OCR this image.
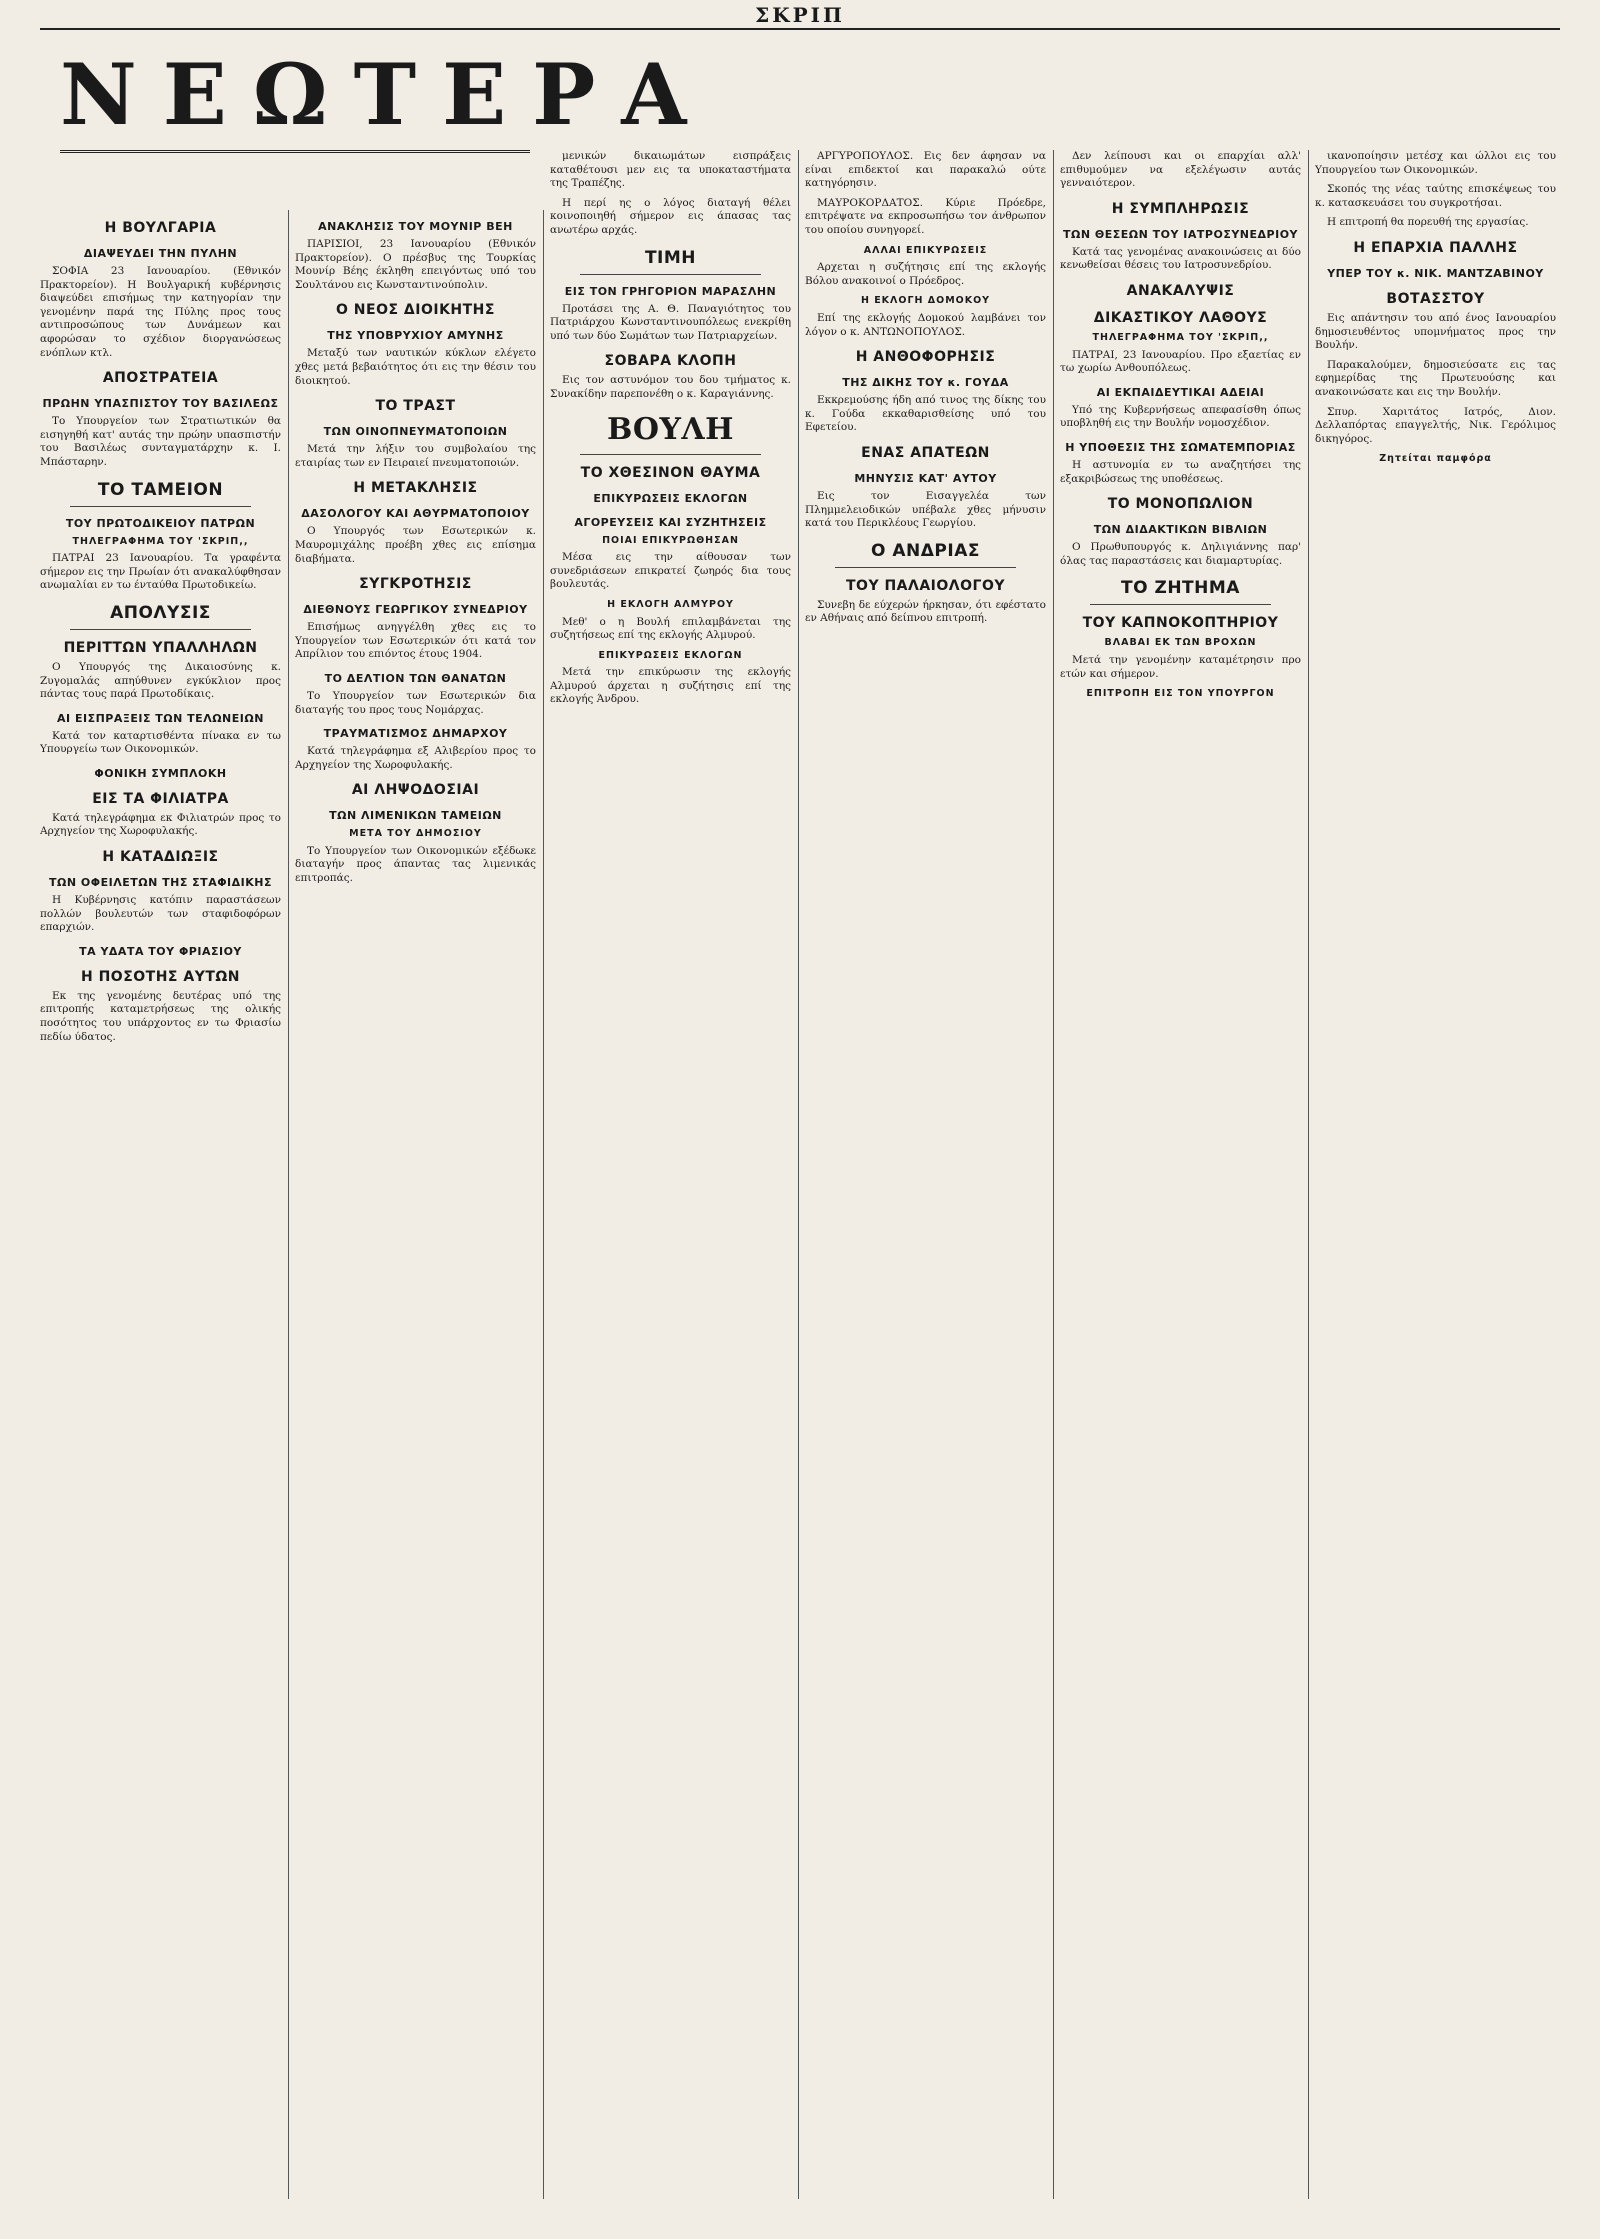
ΣΚΡΙΠ
ΝΕΩΤΕΡΑ
Η ΒΟΥΛΓΑΡΙΑ
ΔΙΑΨΕΥΔΕΙ ΤΗΝ ΠΥΛΗΝ

ΣΟΦΙΑ 23 Ιανουαρίου. (Εθνικόν Πρακτορείον). Η Βουλγαρική κυβέρνησις διαψεύδει επισήμως την κατηγορίαν την γενομένην παρά της Πύλης προς τους αντιπροσώπους των Δυνάμεων και αφορώσαν το σχέδιον διοργανώσεως ενόπλων κτλ.

ΑΠΟΣΤΡΑΤΕΙΑ
ΠΡΩΗΝ ΥΠΑΣΠΙΣΤΟΥ ΤΟΥ ΒΑΣΙΛΕΩΣ

Το Υπουργείον των Στρατιωτικών θα εισηγηθή κατ' αυτάς την πρώην υπασπιστήν του Βασιλέως συνταγματάρχην κ. Ι. Μπάσταρην.

ΤΟ ΤΑΜΕΙΟΝ
ΤΟΥ ΠΡΩΤΟΔΙΚΕΙΟΥ ΠΑΤΡΩΝ
ΤΗΛΕΓΡΑΦΗΜΑ ΤΟΥ 'ΣΚΡΙΠ,,

ΠΑΤΡΑΙ 23 Ιανουαρίου. Τα γραφέντα σήμερον εις την Πρωίαν ότι ανακαλύφθησαν ανωμαλίαι εν τω ένταύθα Πρωτοδικείω.

ΑΠΟΛΥΣΙΣ
ΠΕΡΙΤΤΩΝ ΥΠΑΛΛΗΛΩΝ

Ο Υπουργός της Δικαιοσύνης κ. Ζυγομαλάς απηύθυνεν εγκύκλιον προς πάντας τους παρά Πρωτοδίκαις.

ΑΙ ΕΙΣΠΡΑΞΕΙΣ ΤΩΝ ΤΕΛΩΝΕΙΩΝ

Κατά τον καταρτισθέντα πίνακα εν τω Υπουργείω των Οικονομικών.

ΦΟΝΙΚΗ ΣΥΜΠΛΟΚΗ
ΕΙΣ ΤΑ ΦΙΛΙΑΤΡΑ

Κατά τηλεγράφημα εκ Φιλιατρών προς το Αρχηγείον της Χωροφυλακής.

Η ΚΑΤΑΔΙΩΞΙΣ
ΤΩΝ ΟΦΕΙΛΕΤΩΝ ΤΗΣ ΣΤΑΦΙΔΙΚΗΣ

Η Κυβέρνησις κατόπιν παραστάσεων πολλών βουλευτών των σταφιδοφόρων επαρχιών.

ΤΑ ΥΔΑΤΑ ΤΟΥ ΦΡΙΑΣΙΟΥ
Η ΠΟΣΟΤΗΣ ΑΥΤΩΝ

Εκ της γενομένης δευτέρας υπό της επιτροπής καταμετρήσεως της ολικής ποσότητος του υπάρχοντος εν τω Φριασίω πεδίω ύδατος.

ΑΝΑΚΛΗΣΙΣ ΤΟΥ ΜΟΥΝΙΡ ΒΕΗ

ΠΑΡΙΣΙΟΙ, 23 Ιανουαρίου (Εθνικόν Πρακτορείον). Ο πρέσβυς της Τουρκίας Μουνίρ Βέης έκληθη επειγόντως υπό του Σουλτάνου εις Κωνσταντινούπολιν.

Ο ΝΕΟΣ ΔΙΟΙΚΗΤΗΣ
ΤΗΣ ΥΠΟΒΡΥΧΙΟΥ ΑΜΥΝΗΣ

Μεταξύ των ναυτικών κύκλων ελέγετο χθες μετά βεβαιότητος ότι εις την θέσιν του διοικητού.

ΤΟ ΤΡΑΣΤ
ΤΩΝ ΟΙΝΟΠΝΕΥΜΑΤΟΠΟΙΩΝ

Μετά την λήξιν του συμβολαίου της εταιρίας των εν Πειραιεί πνευματοποιών.

Η ΜΕΤΑΚΛΗΣΙΣ
ΔΑΣΟΛΟΓΟΥ ΚΑΙ ΑΘΥΡΜΑΤΟΠΟΙΟΥ

Ο Υπουργός των Εσωτερικών κ. Μαυρομιχάλης προέβη χθες εις επίσημα διαβήματα.

ΣΥΓΚΡΟΤΗΣΙΣ
ΔΙΕΘΝΟΥΣ ΓΕΩΡΓΙΚΟΥ ΣΥΝΕΔΡΙΟΥ

Επισήμως ανηγγέλθη χθες εις το Υπουργείον των Εσωτερικών ότι κατά τον Απρίλιον του επιόντος έτους 1904.

ΤΟ ΔΕΛΤΙΟΝ ΤΩΝ ΘΑΝΑΤΩΝ

Το Υπουργείον των Εσωτερικών δια διαταγής του προς τους Νομάρχας.

ΤΡΑΥΜΑΤΙΣΜΟΣ ΔΗΜΑΡΧΟΥ

Κατά τηλεγράφημα εξ Αλιβερίου προς το Αρχηγείον της Χωροφυλακής.

ΑΙ ΛΗΨΟΔΟΣΙΑΙ
ΤΩΝ ΛΙΜΕΝΙΚΩΝ ΤΑΜΕΙΩΝ
ΜΕΤΑ ΤΟΥ ΔΗΜΟΣΙΟΥ

Το Υπουργείον των Οικονομικών εξέδωκε διαταγήν προς άπαντας τας λιμενικάς επιτροπάς.

μενικών δικαιωμάτων εισπράξεις καταθέτουσι μεν εις τα υποκαταστήματα της Τραπέζης.

Η περί ης ο λόγος διαταγή θέλει κοινοποιηθή σήμερον εις άπασας τας ανωτέρω αρχάς.

ΤΙΜΗ
ΕΙΣ ΤΟΝ ΓΡΗΓΟΡΙΟΝ ΜΑΡΑΣΛΗΝ

Προτάσει της Α. Θ. Παναγιότητος του Πατριάρχου Κωνσταντινουπόλεως ενεκρίθη υπό των δύο Σωμάτων των Πατριαρχείων.

ΣΟΒΑΡΑ ΚΛΟΠΗ

Εις τον αστυνόμον του δου τμήματος κ. Συνακίδην παρεπονέθη ο κ. Καραγιάννης.

ΒΟΥΛΗ
ΤΟ ΧΘΕΣΙΝΟΝ ΘΑΥΜΑ
ΕΠΙΚΥΡΩΣΕΙΣ ΕΚΛΟΓΩΝ
ΑΓΟΡΕΥΣΕΙΣ ΚΑΙ ΣΥΖΗΤΗΣΕΙΣ
ΠΟΙΑΙ ΕΠΙΚΥΡΩΘΗΣΑΝ

Μέσα εις την αίθουσαν των συνεδριάσεων επικρατεί ζωηρός δια τους βουλευτάς.

Η ΕΚΛΟΓΗ ΑΛΜΥΡΟΥ

Μεθ' ο η Βουλή επιλαμβάνεται της συζητήσεως επί της εκλογής Αλμυρού.

ΕΠΙΚΥΡΩΣΕΙΣ ΕΚΛΟΓΩΝ

Μετά την επικύρωσιν της εκλογής Αλμυρού άρχεται η συζήτησις επί της εκλογής Άνδρου.

ΑΡΓΥΡΟΠΟΥΛΟΣ. Εις δεν άφησαν να είναι επιδεκτοί και παρακαλώ ούτε κατηγόρησιν.

ΜΑΥΡΟΚΟΡΔΑΤΟΣ. Κύριε Πρόεδρε, επιτρέψατε να εκπροσωπήσω τον άνθρωπον του οποίου συνηγορεί.

ΑΛΛΑΙ ΕΠΙΚΥΡΩΣΕΙΣ

Αρχεται η συζήτησις επί της εκλογής Βόλου ανακοινοί ο Πρόεδρος.

Η ΕΚΛΟΓΗ ΔΟΜΟΚΟΥ

Επί της εκλογής Δομοκού λαμβάνει τον λόγον ο κ. ΑΝΤΩΝΟΠΟΥΛΟΣ.

Η ΑΝΘΟΦΟΡΗΣΙΣ
ΤΗΣ ΔΙΚΗΣ ΤΟΥ κ. ΓΟΥΔΑ

Εκκρεμούσης ήδη από τινος της δίκης του κ. Γούδα εκκαθαρισθείσης υπό του Εφετείου.

ΕΝΑΣ ΑΠΑΤΕΩΝ
ΜΗΝΥΣΙΣ ΚΑΤ' ΑΥΤΟΥ

Εις τον Εισαγγελέα των Πλημμελειοδικών υπέβαλε χθες μήνυσιν κατά του Περικλέους Γεωργίου.

Ο ΑΝΔΡΙΑΣ
ΤΟΥ ΠΑΛΑΙΟΛΟΓΟΥ

Συνεβη δε εύχερών ήρκησαν, ότι εφέστατο εν Αθήναις από δείπνου επιτροπή.

Δεν λείπουσι και οι επαρχίαι αλλ' επιθυμούμεν να εξελέγωσιν αυτάς γενναιότερον.

Η ΣΥΜΠΛΗΡΩΣΙΣ
ΤΩΝ ΘΕΣΕΩΝ ΤΟΥ ΙΑΤΡΟΣΥΝΕΔΡΙΟΥ

Κατά τας γενομένας ανακοινώσεις αι δύο κενωθείσαι θέσεις του Ιατροσυνεδρίου.

ΑΝΑΚΑΛΥΨΙΣ
ΔΙΚΑΣΤΙΚΟΥ ΛΑΘΟΥΣ
ΤΗΛΕΓΡΑΦΗΜΑ ΤΟΥ 'ΣΚΡΙΠ,,

ΠΑΤΡΑΙ, 23 Ιανουαρίου. Προ εξαετίας εν τω χωρίω Ανθουπόλεως.

ΑΙ ΕΚΠΑΙΔΕΥΤΙΚΑΙ ΑΔΕΙΑΙ

Υπό της Κυβερνήσεως απεφασίσθη όπως υποβληθή εις την Βουλήν νομοσχέδιον.

Η ΥΠΟΘΕΣΙΣ ΤΗΣ ΣΩΜΑΤΕΜΠΟΡΙΑΣ

Η αστυνομία εν τω αναζητήσει της εξακριβώσεως της υποθέσεως.

ΤΟ ΜΟΝΟΠΩΛΙΟΝ
ΤΩΝ ΔΙΔΑΚΤΙΚΩΝ ΒΙΒΛΙΩΝ

Ο Πρωθυπουργός κ. Δηλιγιάννης παρ' όλας τας παραστάσεις και διαμαρτυρίας.

ΤΟ ΖΗΤΗΜΑ
ΤΟΥ ΚΑΠΝΟΚΟΠΤΗΡΙΟΥ
ΒΛΑΒΑΙ ΕΚ ΤΩΝ ΒΡΟΧΩΝ

Μετά την γενομένην καταμέτρησιν προ ετών και σήμερον.

ΕΠΙΤΡΟΠΗ ΕΙΣ ΤΟΝ ΥΠΟΥΡΓΟΝ

ικανοποίησιν μετέσχ και ώλλοι εις του Υπουργείου των Οικονομικών.

Σκοπός της νέας ταύτης επισκέψεως του κ. κατασκευάσει του συγκροτήσαι.

Η επιτροπή θα πορευθή της εργασίας.

Η ΕΠΑΡΧΙΑ ΠΑΛΛΗΣ
ΥΠΕΡ ΤΟΥ κ. ΝΙΚ. ΜΑΝΤΖΑΒΙΝΟΥ
ΒΟΤΑΣΣΤΟΥ

Εις απάντησιν του από ένος Ιανουαρίου δημοσιευθέντος υπομνήματος προς την Βουλήν.

Παρακαλούμεν, δημοσιεύσατε εις τας εφημερίδας της Πρωτευούσης και ανακοινώσατε και εις την Βουλήν.

Σπυρ. Χαριτάτος Ιατρός, Διον. Δελλαπόρτας επαγγελτής, Νικ. Γερόλιμος δικηγόρος.

Ζητείται παμφόρα
